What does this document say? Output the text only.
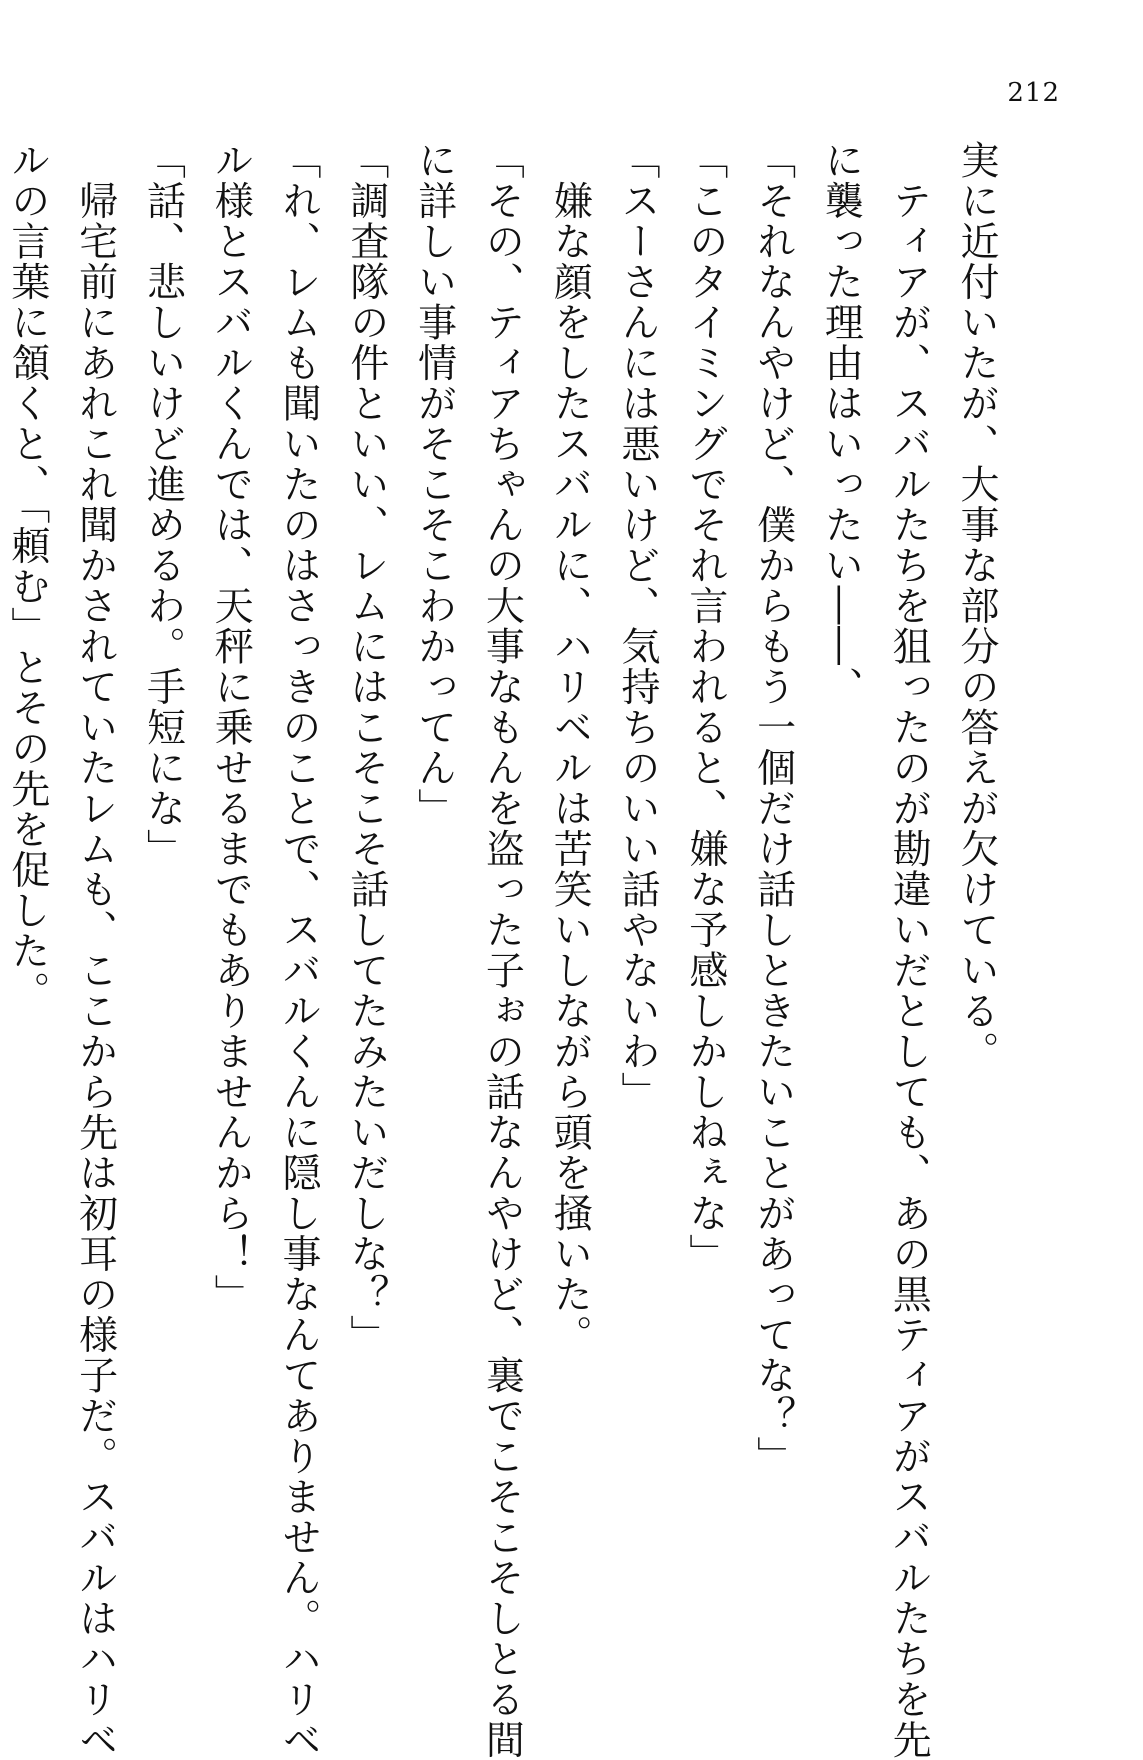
212

実に近付いたが、大事な部分の答えが欠けている。

　ティアが、スバルたちを狙ったのが勘違いだとしても、あの黒ティアがスバルたちを先

に襲った理由はいったい――、

「それなんやけど、僕からもう一個だけ話しときたいことがあってな？」

「このタイミングでそれ言われると、嫌な予感しかしねぇな」

「スーさんには悪いけど、気持ちのいい話やないわ」

　嫌な顔をしたスバルに、ハリベルは苦笑いしながら頭を掻いた。

「その、ティアちゃんの大事なもんを盗った子ぉの話なんやけど、裏でこそこそしとる間

に詳しい事情がそこそこわかってん」

「調査隊の件といい、レムにはこそこそ話してたみたいだしな？」

「れ、レムも聞いたのはさっきのことで、スバルくんに隠し事なんてありません。ハリベ

ル様とスバルくんでは、天秤に乗せるまでもありませんから！」

「話、悲しいけど進めるわ。手短にな」

　帰宅前にあれこれ聞かされていたレムも、ここから先は初耳の様子だ。スバルはハリベ

ルの言葉に頷くと、「頼む」とその先を促した。
